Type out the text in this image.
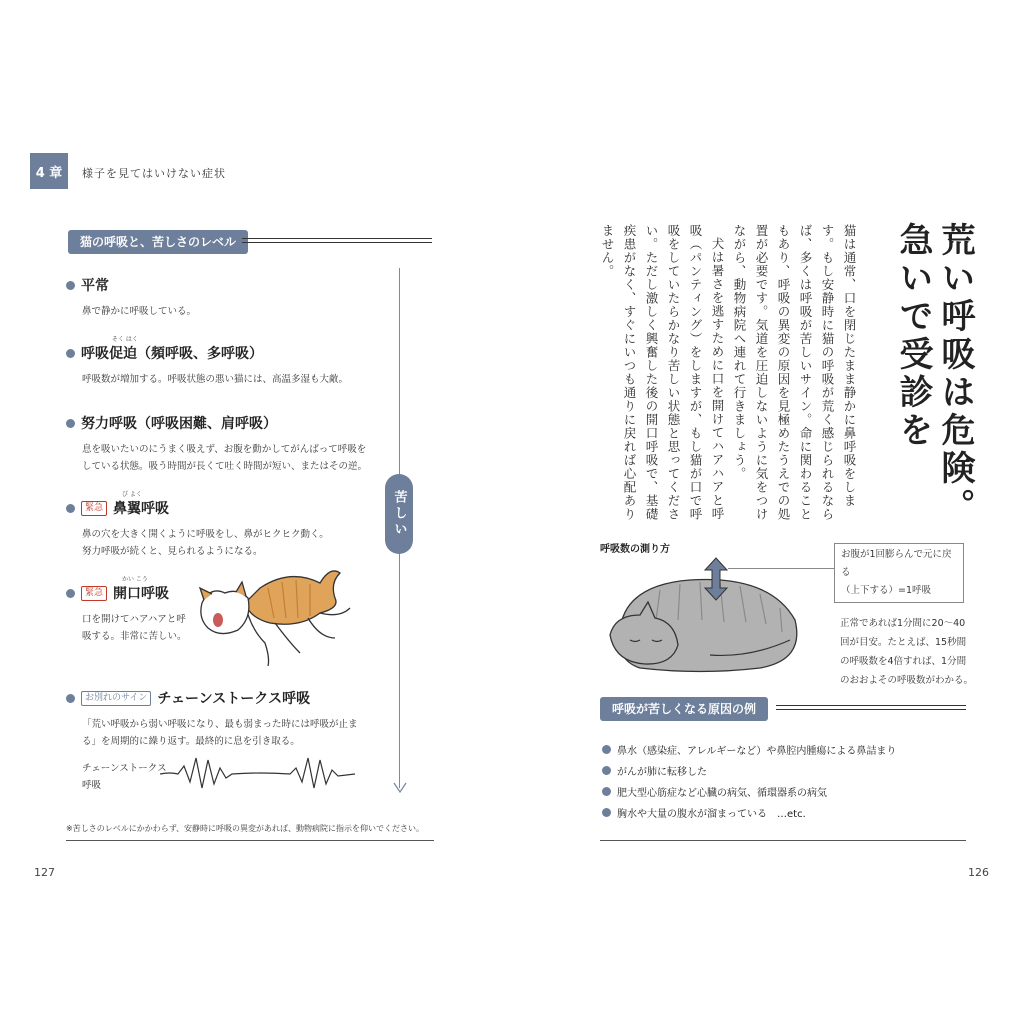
4 章	様子を見てはいけない症状
猫の呼吸と、苦しさのレベル
平常
鼻で静かに呼吸している。
呼吸促迫（頻呼吸、多呼吸）
そく はく
呼吸数が増加する。呼吸状態の悪い猫には、高温多湿も大敵。
努力呼吸（呼吸困難、肩呼吸）
息を吸いたいのにうまく吸えず、お腹を動かしてがんばって呼吸を
している状態。吸う時間が長くて吐く時間が短い、またはその逆。
緊急 鼻翼呼吸
び よく
鼻の穴を大きく開くように呼吸をし、鼻がヒクヒク動く。
努力呼吸が続くと、見られるようになる。
緊急 開口呼吸
かい こう
口を開けてハアハアと呼
吸する。非常に苦しい。
お別れのサイン チェーンストークス呼吸
「荒い呼吸から弱い呼吸になり、最も弱まった時には呼吸が止ま
る」を周期的に繰り返す。最終的に息を引き取る。
チェーンストークス
呼吸
苦しい
※苦しさのレベルにかかわらず、安静時に呼吸の異変があれば、動物病院に指示を仰いでください。
127
荒い呼吸は危険。
急いで受診を
猫は通常、口を閉じたまま静かに鼻呼吸をしま
す。もし安静時に猫の呼吸が荒く感じられるなら
ば、多くは呼吸が苦しいサイン。命に関わること
もあり、呼吸の異変の原因を見極めたうえでの処
置が必要です。気道を圧迫しないように気をつけ
ながら、動物病院へ連れて行きましょう。
犬は暑さを逃すために口を開けてハアハアと呼
吸（パンティング）をしますが、もし猫が口で呼
吸をしていたらかなり苦しい状態と思ってくださ
い。ただし激しく興奮した後の開口呼吸で、基礎
疾患がなく、すぐにいつも通りに戻れば心配あり
ません。
呼吸数の測り方	お腹が1回膨らんで元に戻る
（上下する）=1呼吸
正常であれば1分間に20～40
回が目安。たとえば、15秒間
の呼吸数を4倍すれば、1分間
のおおよその呼吸数がわかる。
呼吸が苦しくなる原因の例
鼻水（感染症、アレルギーなど）や鼻腔内腫瘍による鼻詰まり
がんが肺に転移した
肥大型心筋症など心臓の病気、循環器系の病気
胸水や大量の腹水が溜まっている　…etc.
126
